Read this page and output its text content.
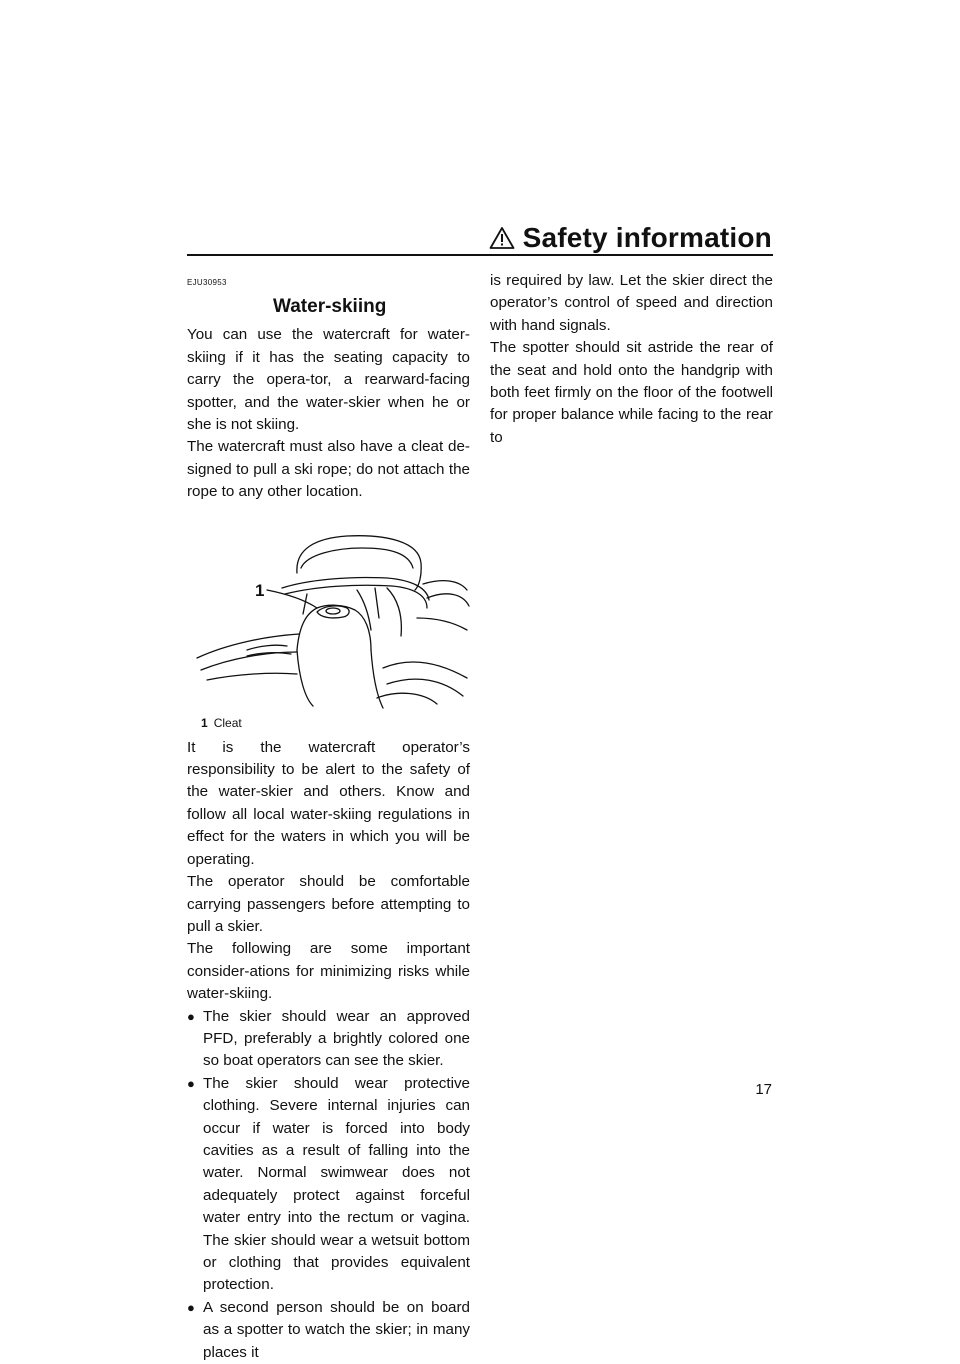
Safety information
EJU30953
Water-skiing

You can use the watercraft for water-skiing if it has the seating capacity to carry the opera-tor, a rearward-facing spotter, and the water-skier when he or she is not skiing.

The watercraft must also have a cleat de-signed to pull a ski rope; do not attach the rope to any other location.

1
1 Cleat

It is the watercraft operator’s responsibility to be alert to the safety of the water-skier and others. Know and follow all local water-skiing regulations in effect for the waters in which you will be operating.

The operator should be comfortable carrying passengers before attempting to pull a skier.

The following are some important consider-ations for minimizing risks while water-skiing.

● The skier should wear an approved PFD, preferably a brightly colored one so boat operators can see the skier.

● The skier should wear protective clothing. Severe internal injuries can occur if water is forced into body cavities as a result of falling into the water. Normal swimwear does not adequately protect against forceful water entry into the rectum or vagina. The skier should wear a wetsuit bottom or clothing that provides equivalent protection.

● A second person should be on board as a spotter to watch the skier; in many places it

is required by law. Let the skier direct the operator’s control of speed and direction with hand signals.

The spotter should sit astride the rear of the seat and hold onto the handgrip with both feet firmly on the floor of the footwell for proper balance while facing to the rear to

17
